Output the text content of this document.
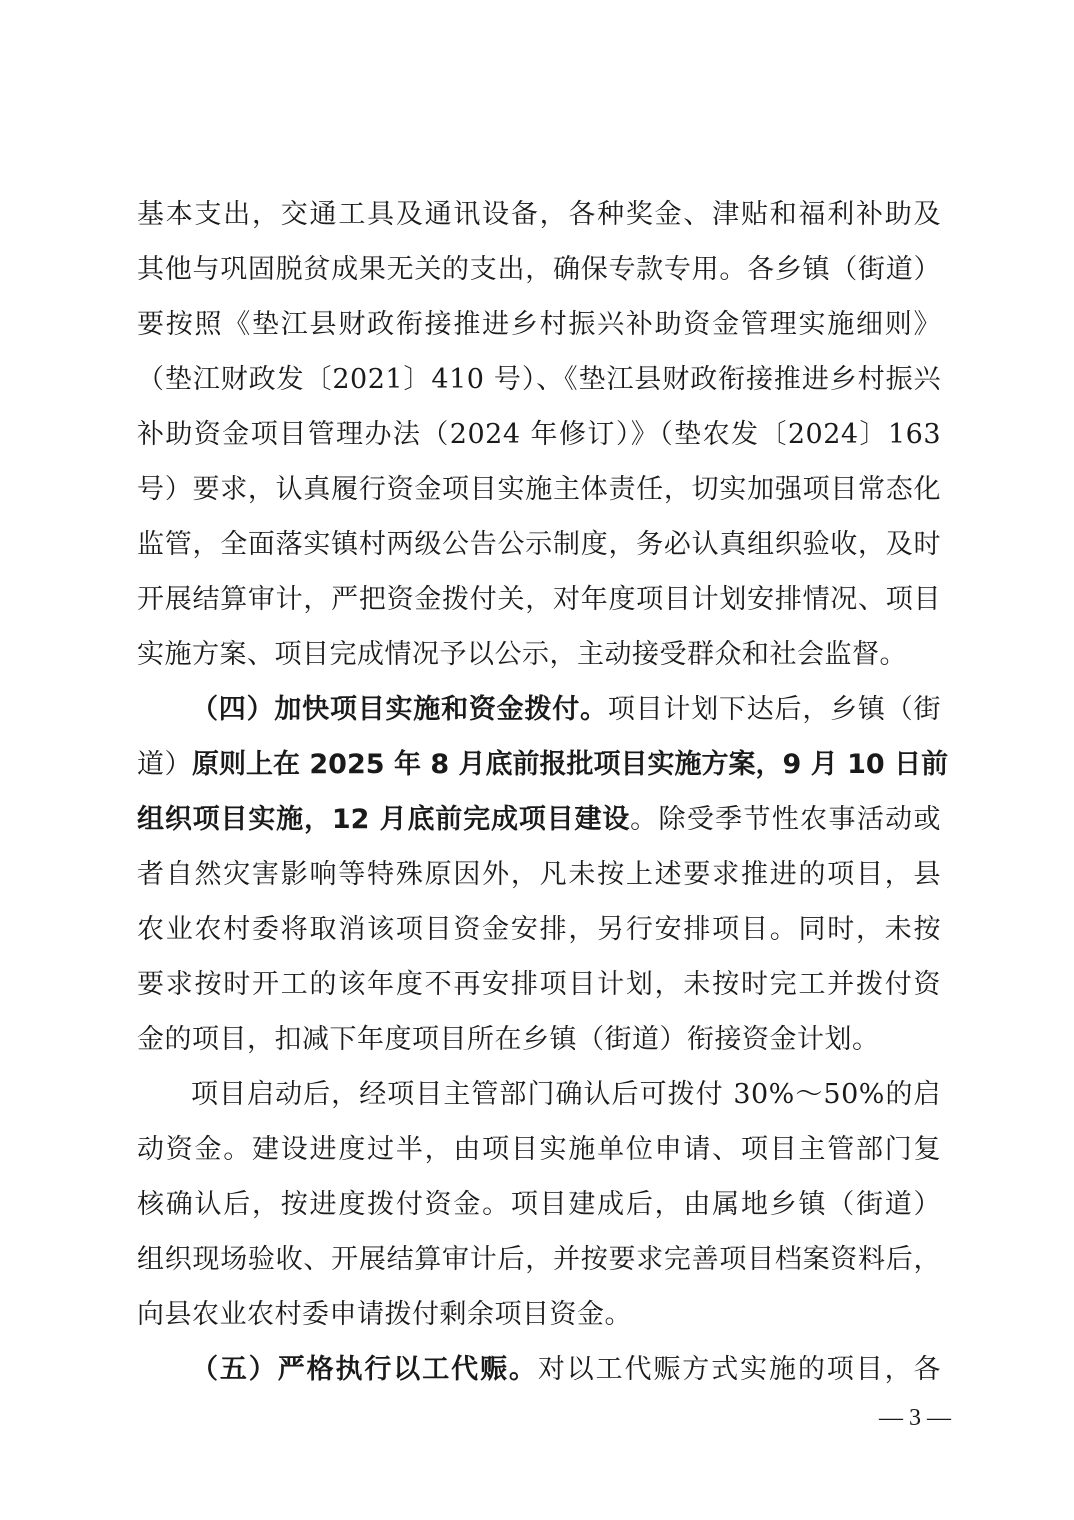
基本支出，交通工具及通讯设备，各种奖金、津贴和福利补助及
其他与巩固脱贫成果无关的支出，确保专款专用。各乡镇（街道）
要按照《垫江县财政衔接推进乡村振兴补助资金管理实施细则》
（垫江财政发〔2021〕410 号）、《垫江县财政衔接推进乡村振兴
补助资金项目管理办法（2024 年修订）》（垫农发〔2024〕163
号）要求，认真履行资金项目实施主体责任，切实加强项目常态化
监管，全面落实镇村两级公告公示制度，务必认真组织验收，及时
开展结算审计，严把资金拨付关，对年度项目计划安排情况、项目
实施方案、项目完成情况予以公示，主动接受群众和社会监督。
（四）加快项目实施和资金拨付。项目计划下达后，乡镇（街
道）原则上在 2025 年 8 月底前报批项目实施方案，9 月 10 日前
组织项目实施，12 月底前完成项目建设。除受季节性农事活动或
者自然灾害影响等特殊原因外，凡未按上述要求推进的项目，县
农业农村委将取消该项目资金安排，另行安排项目。同时，未按
要求按时开工的该年度不再安排项目计划，未按时完工并拨付资
金的项目，扣减下年度项目所在乡镇（街道）衔接资金计划。
项目启动后，经项目主管部门确认后可拨付 30%～50%的启
动资金。建设进度过半，由项目实施单位申请、项目主管部门复
核确认后，按进度拨付资金。项目建成后，由属地乡镇（街道）
组织现场验收、开展结算审计后，并按要求完善项目档案资料后，
向县农业农村委申请拨付剩余项目资金。
（五）严格执行以工代赈。对以工代赈方式实施的项目，各
— 3 —
